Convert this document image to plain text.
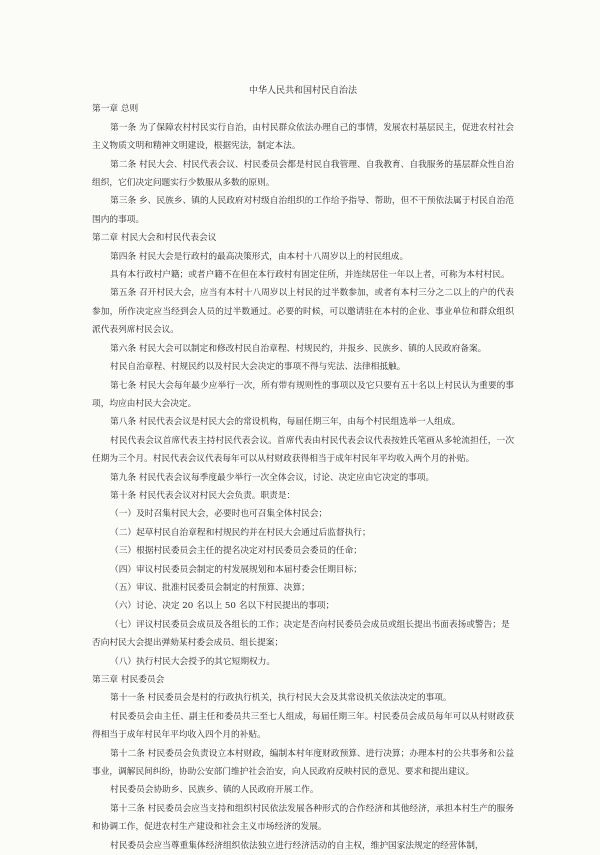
中华人民共和国村民自治法

第一章 总则

第一条 为了保障农村村民实行自治，由村民群众依法办理自己的事情，发展农村基层民主，促进农村社会主义物质文明和精神文明建设，根据宪法，制定本法。

第二条 村民大会、村民代表会议、村民委员会都是村民自我管理、自我教育、自我服务的基层群众性自治组织，它们决定问题实行少数服从多数的原则。

第三条 乡、民族乡、镇的人民政府对村级自治组织的工作给予指导、帮助，但不干预依法属于村民自治范围内的事项。

第二章 村民大会和村民代表会议

第四条 村民大会是行政村的最高决策形式，由本村十八周岁以上的村民组成。

具有本行政村户籍；或者户籍不在但在本行政村有固定住所，并连续居住一年以上者，可称为本村村民。

第五条 召开村民大会，应当有本村十八周岁以上村民的过半数参加，或者有本村三分之二以上的户的代表参加，所作决定应当经到会人员的过半数通过。必要的时候，可以邀请驻在本村的企业、事业单位和群众组织派代表列席村民会议。

第六条 村民大会可以制定和修改村民自治章程、村规民约，并报乡、民族乡、镇的人民政府备案。

村民自治章程、村规民约以及村民大会决定的事项不得与宪法、法律相抵触。

第七条 村民大会每年最少应举行一次，所有带有规则性的事项以及它只要有五十名以上村民认为重要的事项，均应由村民大会决定。

第八条 村民代表会议是村民大会的常设机构，每届任期三年，由每个村民组选举一人组成。

村民代表会议首席代表主持村民代表会议。首席代表由村民代表会议代表按姓氏笔画从多轮流担任，一次任期为三个月。村民代表会议代表每年可以从村财政获得相当于成年村民年平均收入两个月的补贴。

第九条 村民代表会议每季度最少举行一次全体会议，讨论、决定应由它决定的事项。

第十条 村民代表会议对村民大会负责。职责是：

（一）及时召集村民大会，必要时也可召集全体村民会；

（二）起草村民自治章程和村规民约并在村民大会通过后监督执行；

（三）根据村民委员会主任的提名决定对村民委员会委员的任命；

（四）审议村民委员会制定的村发展规划和本届村委会任期目标；

（五）审议、批准村民委员会制定的村预算、决算；

（六）讨论、决定 20 名以上 50 名以下村民提出的事项；

（七）评议村民委员会成员及各组长的工作；决定是否向村民委员会成员或组长提出书面表扬或警告；是否向村民大会提出弹劾某村委会成员、组长提案；

（八）执行村民大会授予的其它短期权力。

第三章 村民委员会

第十一条 村民委员会是村的行政执行机关，执行村民大会及其常设机关依法决定的事项。

村民委员会由主任、副主任和委员共三至七人组成，每届任期三年。村民委员会成员每年可以从村财政获得相当于成年村民年平均收入四个月的补贴。

第十二条 村民委员会负责设立本村财政，编制本村年度财政预算、进行决算；办理本村的公共事务和公益事业，调解民间纠纷，协助公安部门维护社会治安，向人民政府反映村民的意见、要求和提出建议。

村民委员会协助乡、民族乡、镇的人民政府开展工作。

第十三条 村民委员会应当支持和组织村民依法发展各种形式的合作经济和其他经济，承担本村生产的服务和协调工作，促进农村生产建设和社会主义市场经济的发展。

村民委员会应当尊重集体经济组织依法独立进行经济活动的自主权，维护国家法规定的经营体制，
